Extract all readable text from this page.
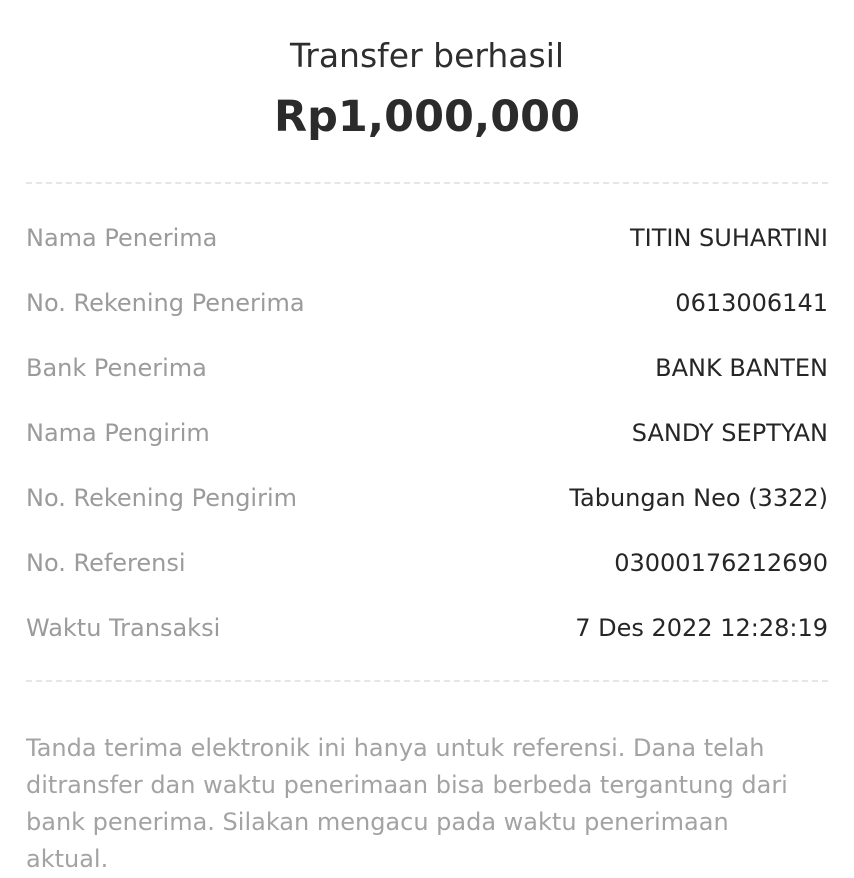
Transfer berhasil
Rp1,000,000
Nama Penerima	TITIN SUHARTINI
No. Rekening Penerima	0613006141
Bank Penerima	BANK BANTEN
Nama Pengirim	SANDY SEPTYAN
No. Rekening Pengirim	Tabungan Neo (3322)
No. Referensi	03000176212690
Waktu Transaksi	7 Des 2022 12:28:19

Tanda terima elektronik ini hanya untuk referensi. Dana telah ditransfer dan waktu penerimaan bisa berbeda tergantung dari bank penerima. Silakan mengacu pada waktu penerimaan aktual.
